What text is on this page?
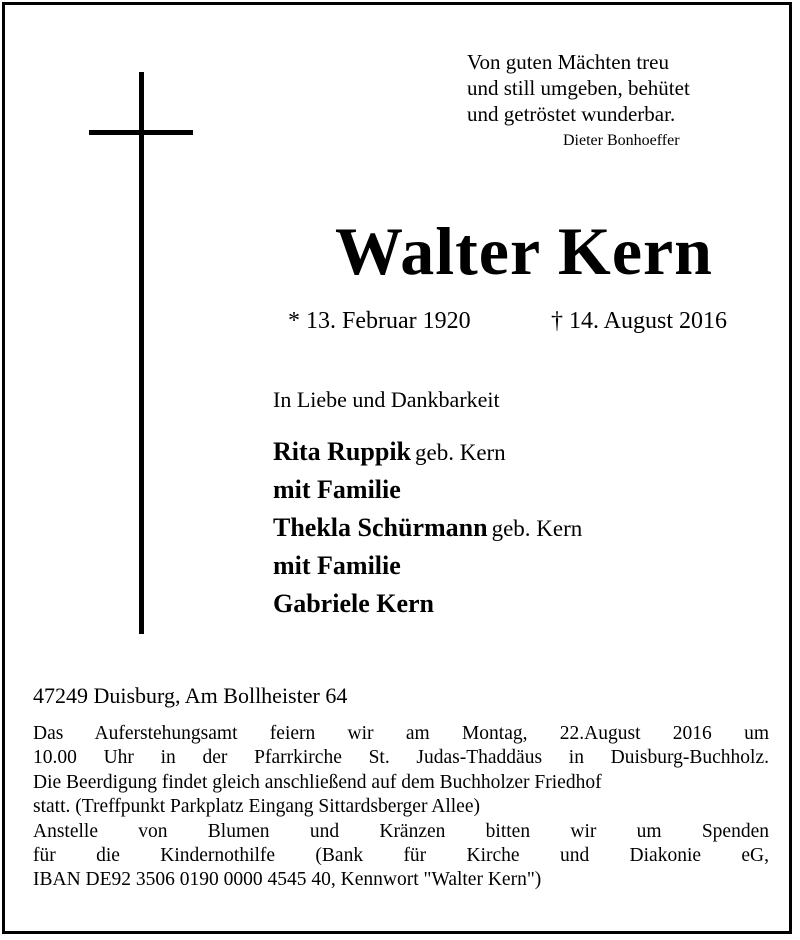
Von guten Mächten treu
und still umgeben, behütet
und getröstet wunderbar.
Dieter Bonhoeffer
Walter Kern
* 13. Februar 1920	† 14. August 2016
In Liebe und Dankbarkeit
Rita Ruppik geb. Kern
mit Familie
Thekla Schürmann geb. Kern
mit Familie
Gabriele Kern
47249 Duisburg, Am Bollheister 64
Das Auferstehungsamt feiern wir am Montag, 22.August 2016 um
10.00 Uhr in der Pfarrkirche St. Judas-Thaddäus in Duisburg-Buchholz.
Die Beerdigung findet gleich anschließend auf dem Buchholzer Friedhof
statt. (Treffpunkt Parkplatz Eingang Sittardsberger Allee)
Anstelle von Blumen und Kränzen bitten wir um Spenden
für die Kindernothilfe (Bank für Kirche und Diakonie eG,
IBAN DE92 3506 0190 0000 4545 40, Kennwort "Walter Kern")
